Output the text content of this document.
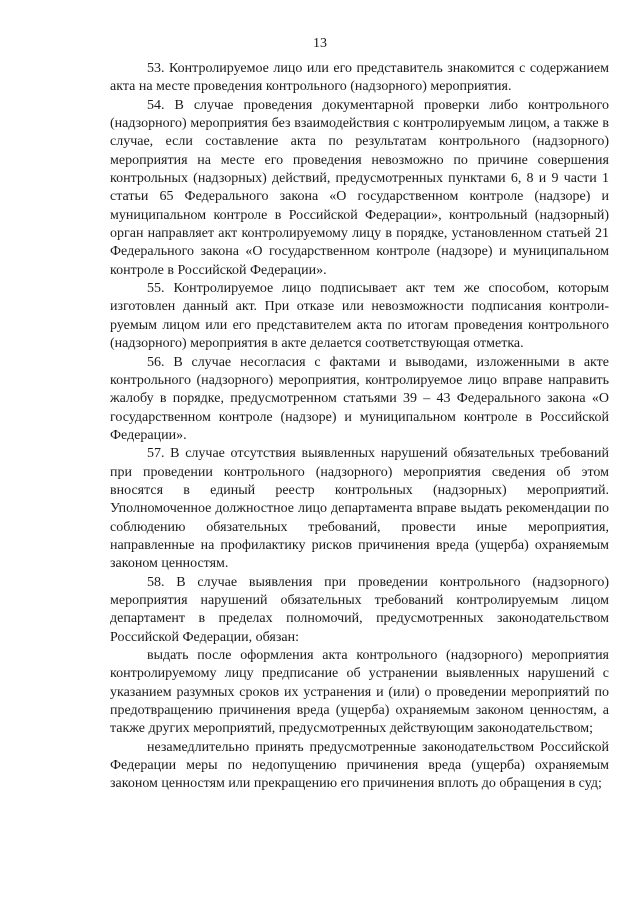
13

53. Контролируемое лицо или его представитель знакомится с содержанием акта на месте проведения контрольного (надзорного) мероприятия.

54. В случае проведения документарной проверки либо контрольного (надзорного) мероприятия без взаимодействия с контролируемым лицом, а также в случае, если составление акта по результатам контрольного (надзорного) мероприятия на месте его проведения невозможно по причине совершения контрольных (надзорных) действий, предусмотренных пунктами 6, 8 и 9 части 1 статьи 65 Федерального закона «О государственном контроле (надзоре) и муниципальном контроле в Российской Федерации», контрольный (надзорный) орган направляет акт контролируемому лицу в порядке, установленном статьей 21 Федерального закона «О государственном контроле (надзоре) и муниципальном контроле в Российской Федерации».

55. Контролируемое лицо подписывает акт тем же способом, которым изготовлен данный акт. При отказе или невозможности подписания контролируемым лицом или его представителем акта по итогам проведения контрольного (надзорного) мероприятия в акте делается соответствующая отметка.

56. В случае несогласия с фактами и выводами, изложенными в акте контрольного (надзорного) мероприятия, контролируемое лицо вправе направить жалобу в порядке, предусмотренном статьями 39 – 43 Федерального закона «О государственном контроле (надзоре) и муниципальном контроле в Российской Федерации».

57. В случае отсутствия выявленных нарушений обязательных требований при проведении контрольного (надзорного) мероприятия сведения об этом вносятся в единый реестр контрольных (надзорных) мероприятий. Уполномоченное должностное лицо департамента вправе выдать рекомендации по соблюдению обязательных требований, провести иные мероприятия, направленные на профилактику рисков причинения вреда (ущерба) охраняемым законом ценностям.

58. В случае выявления при проведении контрольного (надзорного) мероприятия нарушений обязательных требований контролируемым лицом департамент в пределах полномочий, предусмотренных законодательством Российской Федерации, обязан:

выдать после оформления акта контрольного (надзорного) мероприятия контролируемому лицу предписание об устранении выявленных нарушений с указанием разумных сроков их устранения и (или) о проведении мероприятий по предотвращению причинения вреда (ущерба) охраняемым законом ценностям, а также других мероприятий, предусмотренных действующим законодательством;

незамедлительно принять предусмотренные законодательством Российской Федерации меры по недопущению причинения вреда (ущерба) охраняемым законом ценностям или прекращению его причинения вплоть до обращения в суд;
